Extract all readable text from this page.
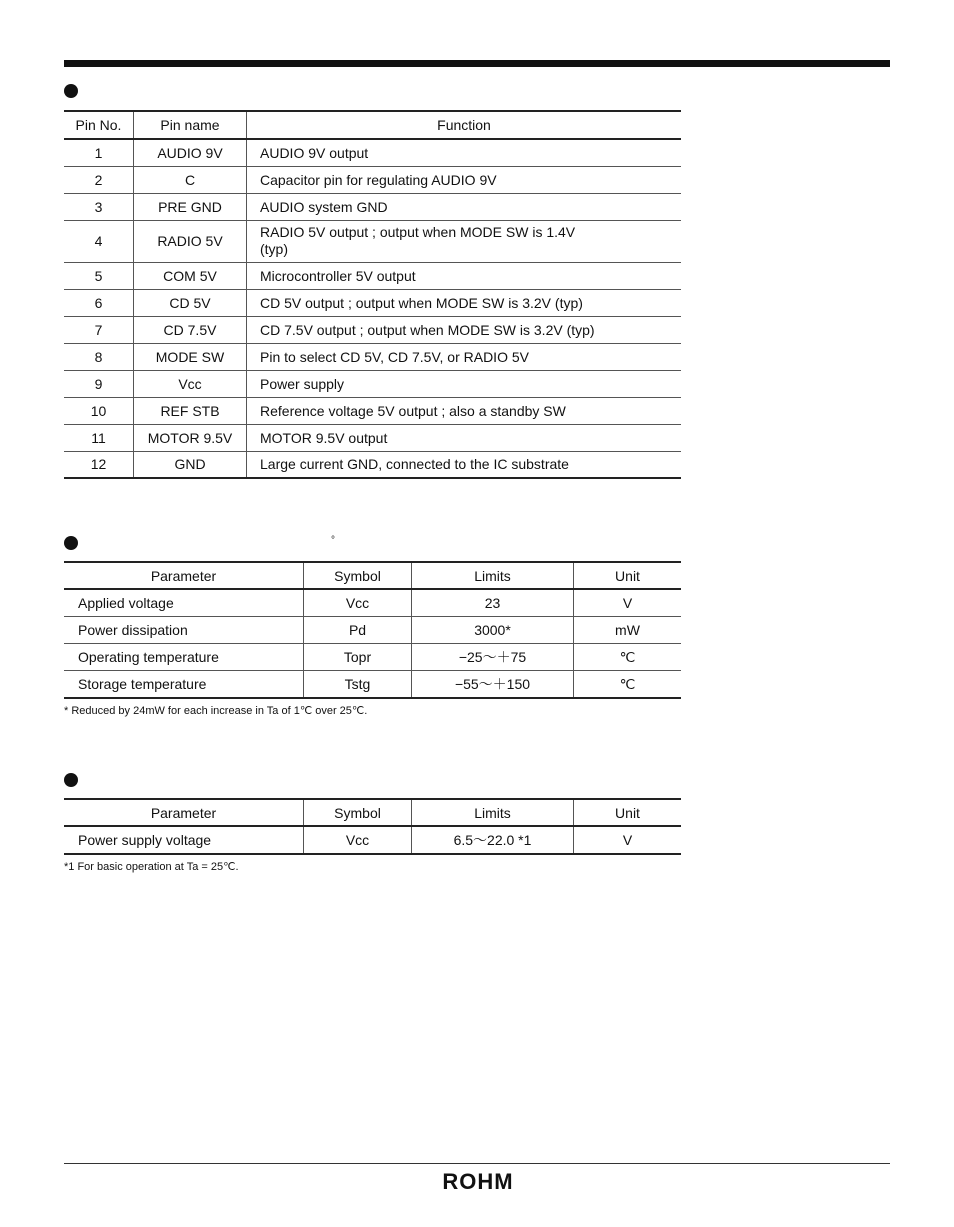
Pin No.	Pin name	Function
1	AUDIO 9V	AUDIO 9V output
2	C	Capacitor pin for regulating AUDIO 9V
3	PRE GND	AUDIO system GND
4	RADIO 5V	RADIO 5V output ; output when MODE SW is 1.4V (typ)

5	COM 5V	Microcontroller 5V output
6	CD 5V	CD 5V output ; output when MODE SW is 3.2V (typ)
7	CD 7.5V	CD 7.5V output ; output when MODE SW is 3.2V (typ)
8	MODE SW	Pin to select CD 5V, CD 7.5V, or RADIO 5V
9	Vcc	Power supply
10	REF STB	Reference voltage 5V output ; also a standby SW
11	MOTOR 9.5V	MOTOR 9.5V output
12	GND	Large current GND, connected to the IC substrate
°
Parameter	Symbol	Limits	Unit
Applied voltage	Vcc	23	V
Power dissipation	Pd	3000*	mW
Operating temperature	Topr	−25～＋75	℃
Storage temperature	Tstg	−55～＋150	℃
* Reduced by 24mW for each increase in Ta of 1℃ over 25℃.
Parameter	Symbol	Limits	Unit
Power supply voltage	Vcc	6.5～22.0 *1	V
*1 For basic operation at Ta = 25℃.
ROHM
